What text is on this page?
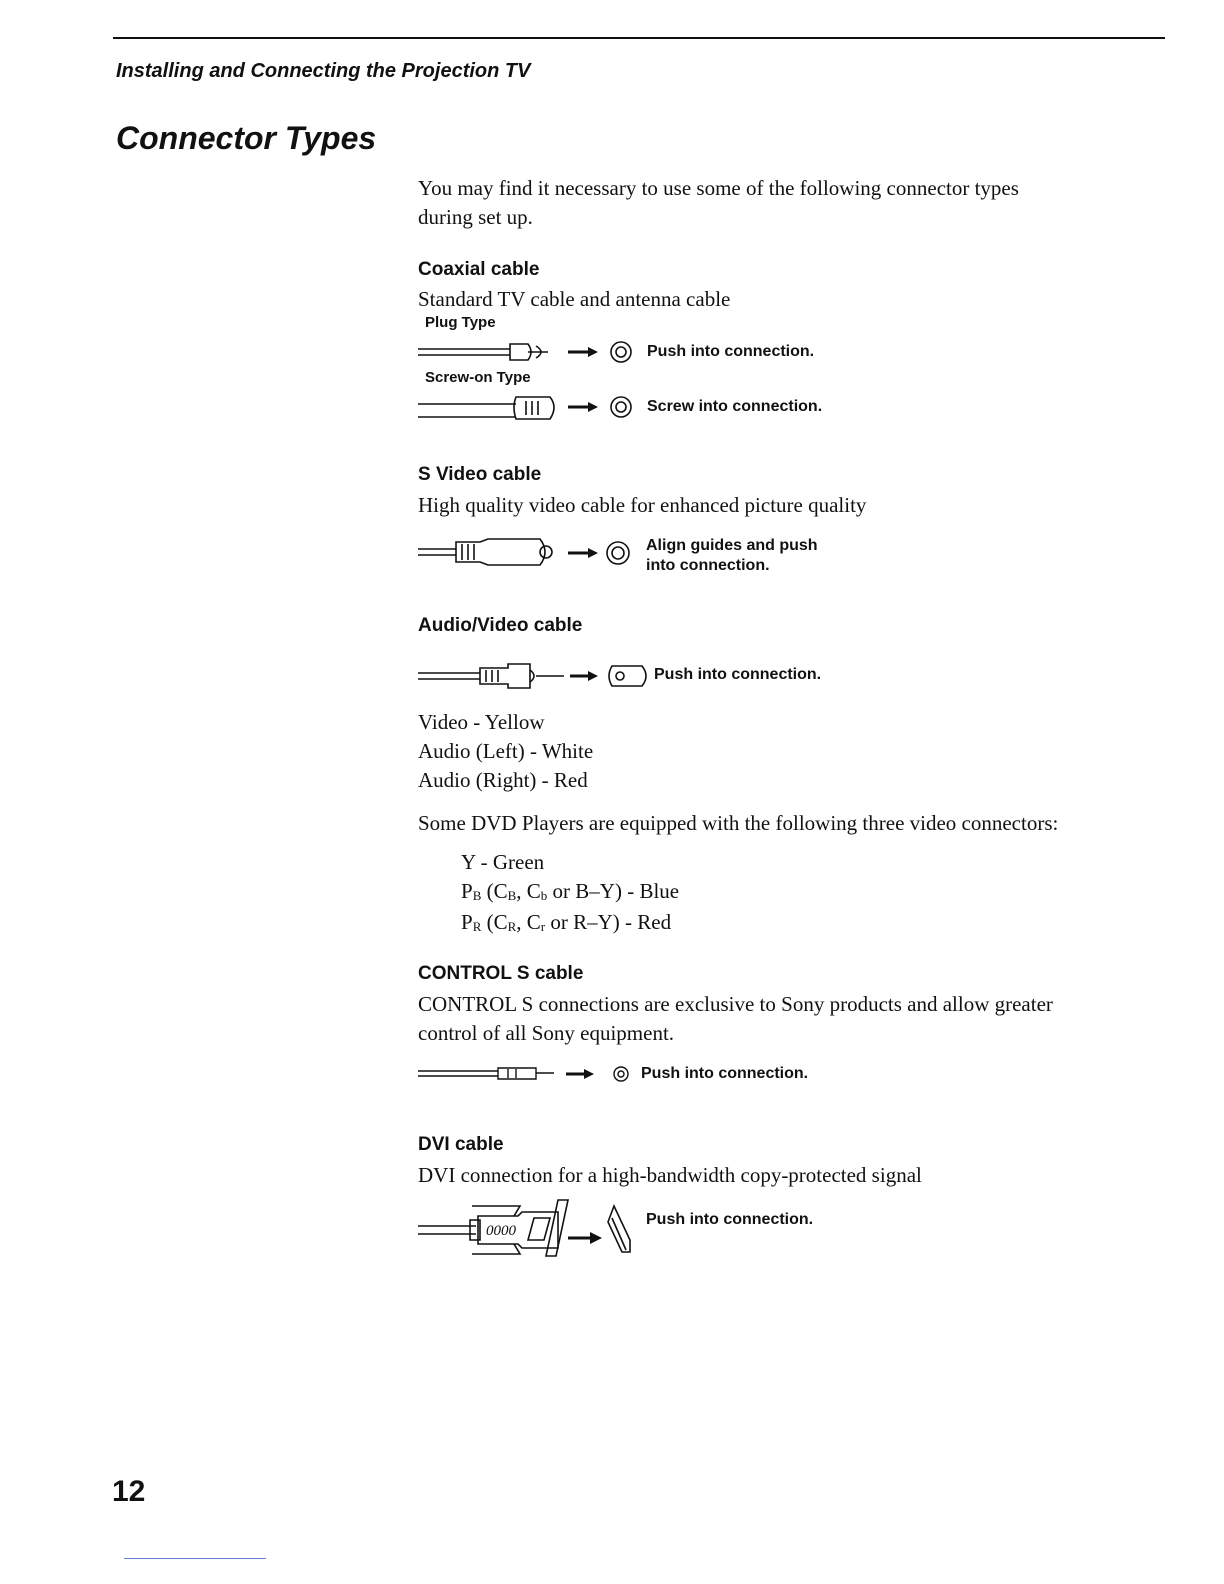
Installing and Connecting the Projection TV
Connector Types
You may find it necessary to use some of the following connector types
during set up.
Coaxial cable
Standard TV cable and antenna cable
Plug Type
Push into connection.
Screw-on Type
Screw into connection.
S Video cable
High quality video cable for enhanced picture quality
Align guides and push
into connection.
Audio/Video cable
Push into connection.
Video - Yellow
Audio (Left) - White
Audio (Right) - Red
Some DVD Players are equipped with the following three video connectors:
Y - Green
$P_B$ ($C_B$, $C_b$ or B–Y) - Blue
$P_R$ ($C_R$, $C_r$ or R–Y) - Red
CONTROL S cable
CONTROL S connections are exclusive to Sony products and allow greater
control of all Sony equipment.
Push into connection.
DVI cable
DVI connection for a high-bandwidth copy-protected signal
0000
Push into connection.
12
